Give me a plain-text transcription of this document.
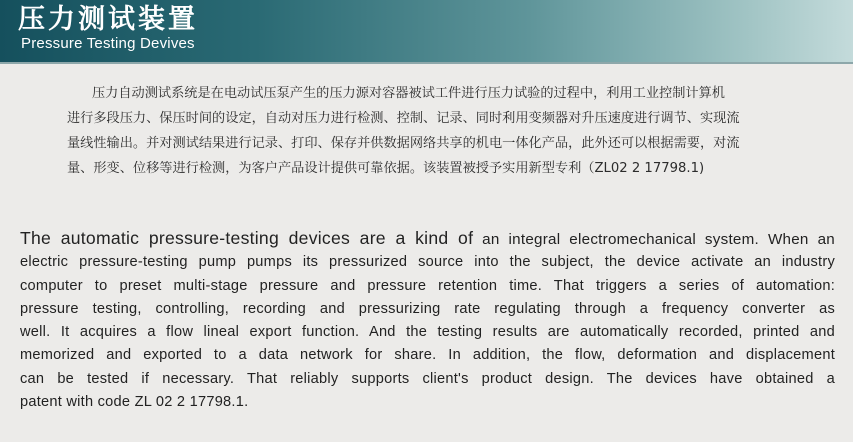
压力测试装置
Pressure Testing Devives
压力自动测试系统是在电动试压泵产生的压力源对容器被试工件进行压力试验的过程中，利用工业控制计算机
进行多段压力、保压时间的设定，自动对压力进行检测、控制、记录、同时利用变频器对升压速度进行调节、实现流
量线性输出。并对测试结果进行记录、打印、保存并供数据网络共享的机电一体化产品，此外还可以根据需要，对流
量、形变、位移等进行检测，为客户产品设计提供可靠依据。该装置被授予实用新型专利（ZL02 2 17798.1)
The automatic pressure-testing devices are a kind of an integral electromechanical system. When an
electric pressure-testing pump pumps its pressurized source into the subject, the device activate an industry
computer to preset multi-stage pressure and pressure retention time. That triggers a series of automation:
pressure testing, controlling, recording and pressurizing rate regulating through a frequency converter as
well. It acquires a flow lineal export function. And the testing results are automatically recorded, printed and
memorized and exported to a data network for share. In addition, the flow, deformation and displacement
can be tested if necessary. That reliably supports client's product design. The devices have obtained a
patent with code ZL 02 2 17798.1.
